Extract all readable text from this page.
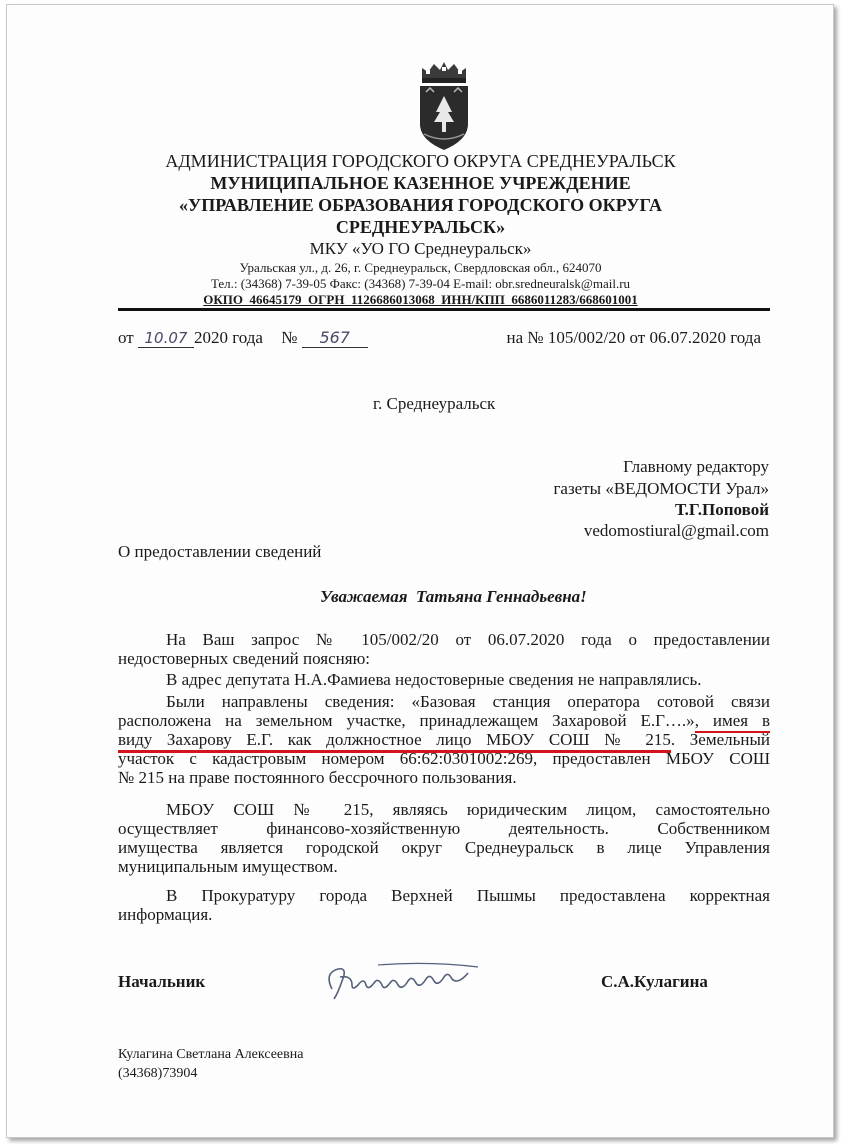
АДМИНИСТРАЦИЯ ГОРОДСКОГО ОКРУГА СРЕДНЕУРАЛЬСК
МУНИЦИПАЛЬНОЕ КАЗЕННОЕ УЧРЕЖДЕНИЕ
«УПРАВЛЕНИЕ ОБРАЗОВАНИЯ ГОРОДСКОГО ОКРУГА
СРЕДНЕУРАЛЬСК»
МКУ «УО ГО Среднеуральск»
Уральская ул., д. 26, г. Среднеуральск, Свердловская обл., 624070
Тел.: (34368) 7-39-05 Факс: (34368) 7-39-04 E-mail: obr.sredneuralsk@mail.ru
ОКПО  46645179  ОГРН  1126686013068  ИНН/КПП  6686011283/668601001
от 10.07 2020 года № 567	на № 105/002/20 от 06.07.2020 года
г. Среднеуральск
Главному редактору
газеты «ВЕДОМОСТИ Урал»
Т.Г.Поповой
vedomostiural@gmail.com
О предоставлении сведений
Уважаемая  Татьяна Геннадьевна!
На Ваш запрос № 105/002/20 от 06.07.2020 года о предоставлении
недостоверных сведений поясняю:
В адрес депутата Н.А.Фамиева недостоверные сведения не направлялись.
Были направлены сведения: «Базовая станция оператора сотовой связи
расположена на земельном участке, принадлежащем Захаровой Е.Г….», имея в
виду Захарову Е.Г. как должностное лицо МБОУ СОШ № 215. Земельный
участок с кадастровым номером 66:62:0301002:269, предоставлен МБОУ СОШ
№ 215 на праве постоянного бессрочного пользования.
МБОУ СОШ № 215, являясь юридическим лицом, самостоятельно
осуществляет финансово-хозяйственную деятельность. Собственником
имущества является городской округ Среднеуральск в лице Управления
муниципальным имуществом.
В Прокуратуру города Верхней Пышмы предоставлена корректная
информация.
Начальник	С.А.Кулагина
Кулагина Светлана Алексеевна
(34368)73904
